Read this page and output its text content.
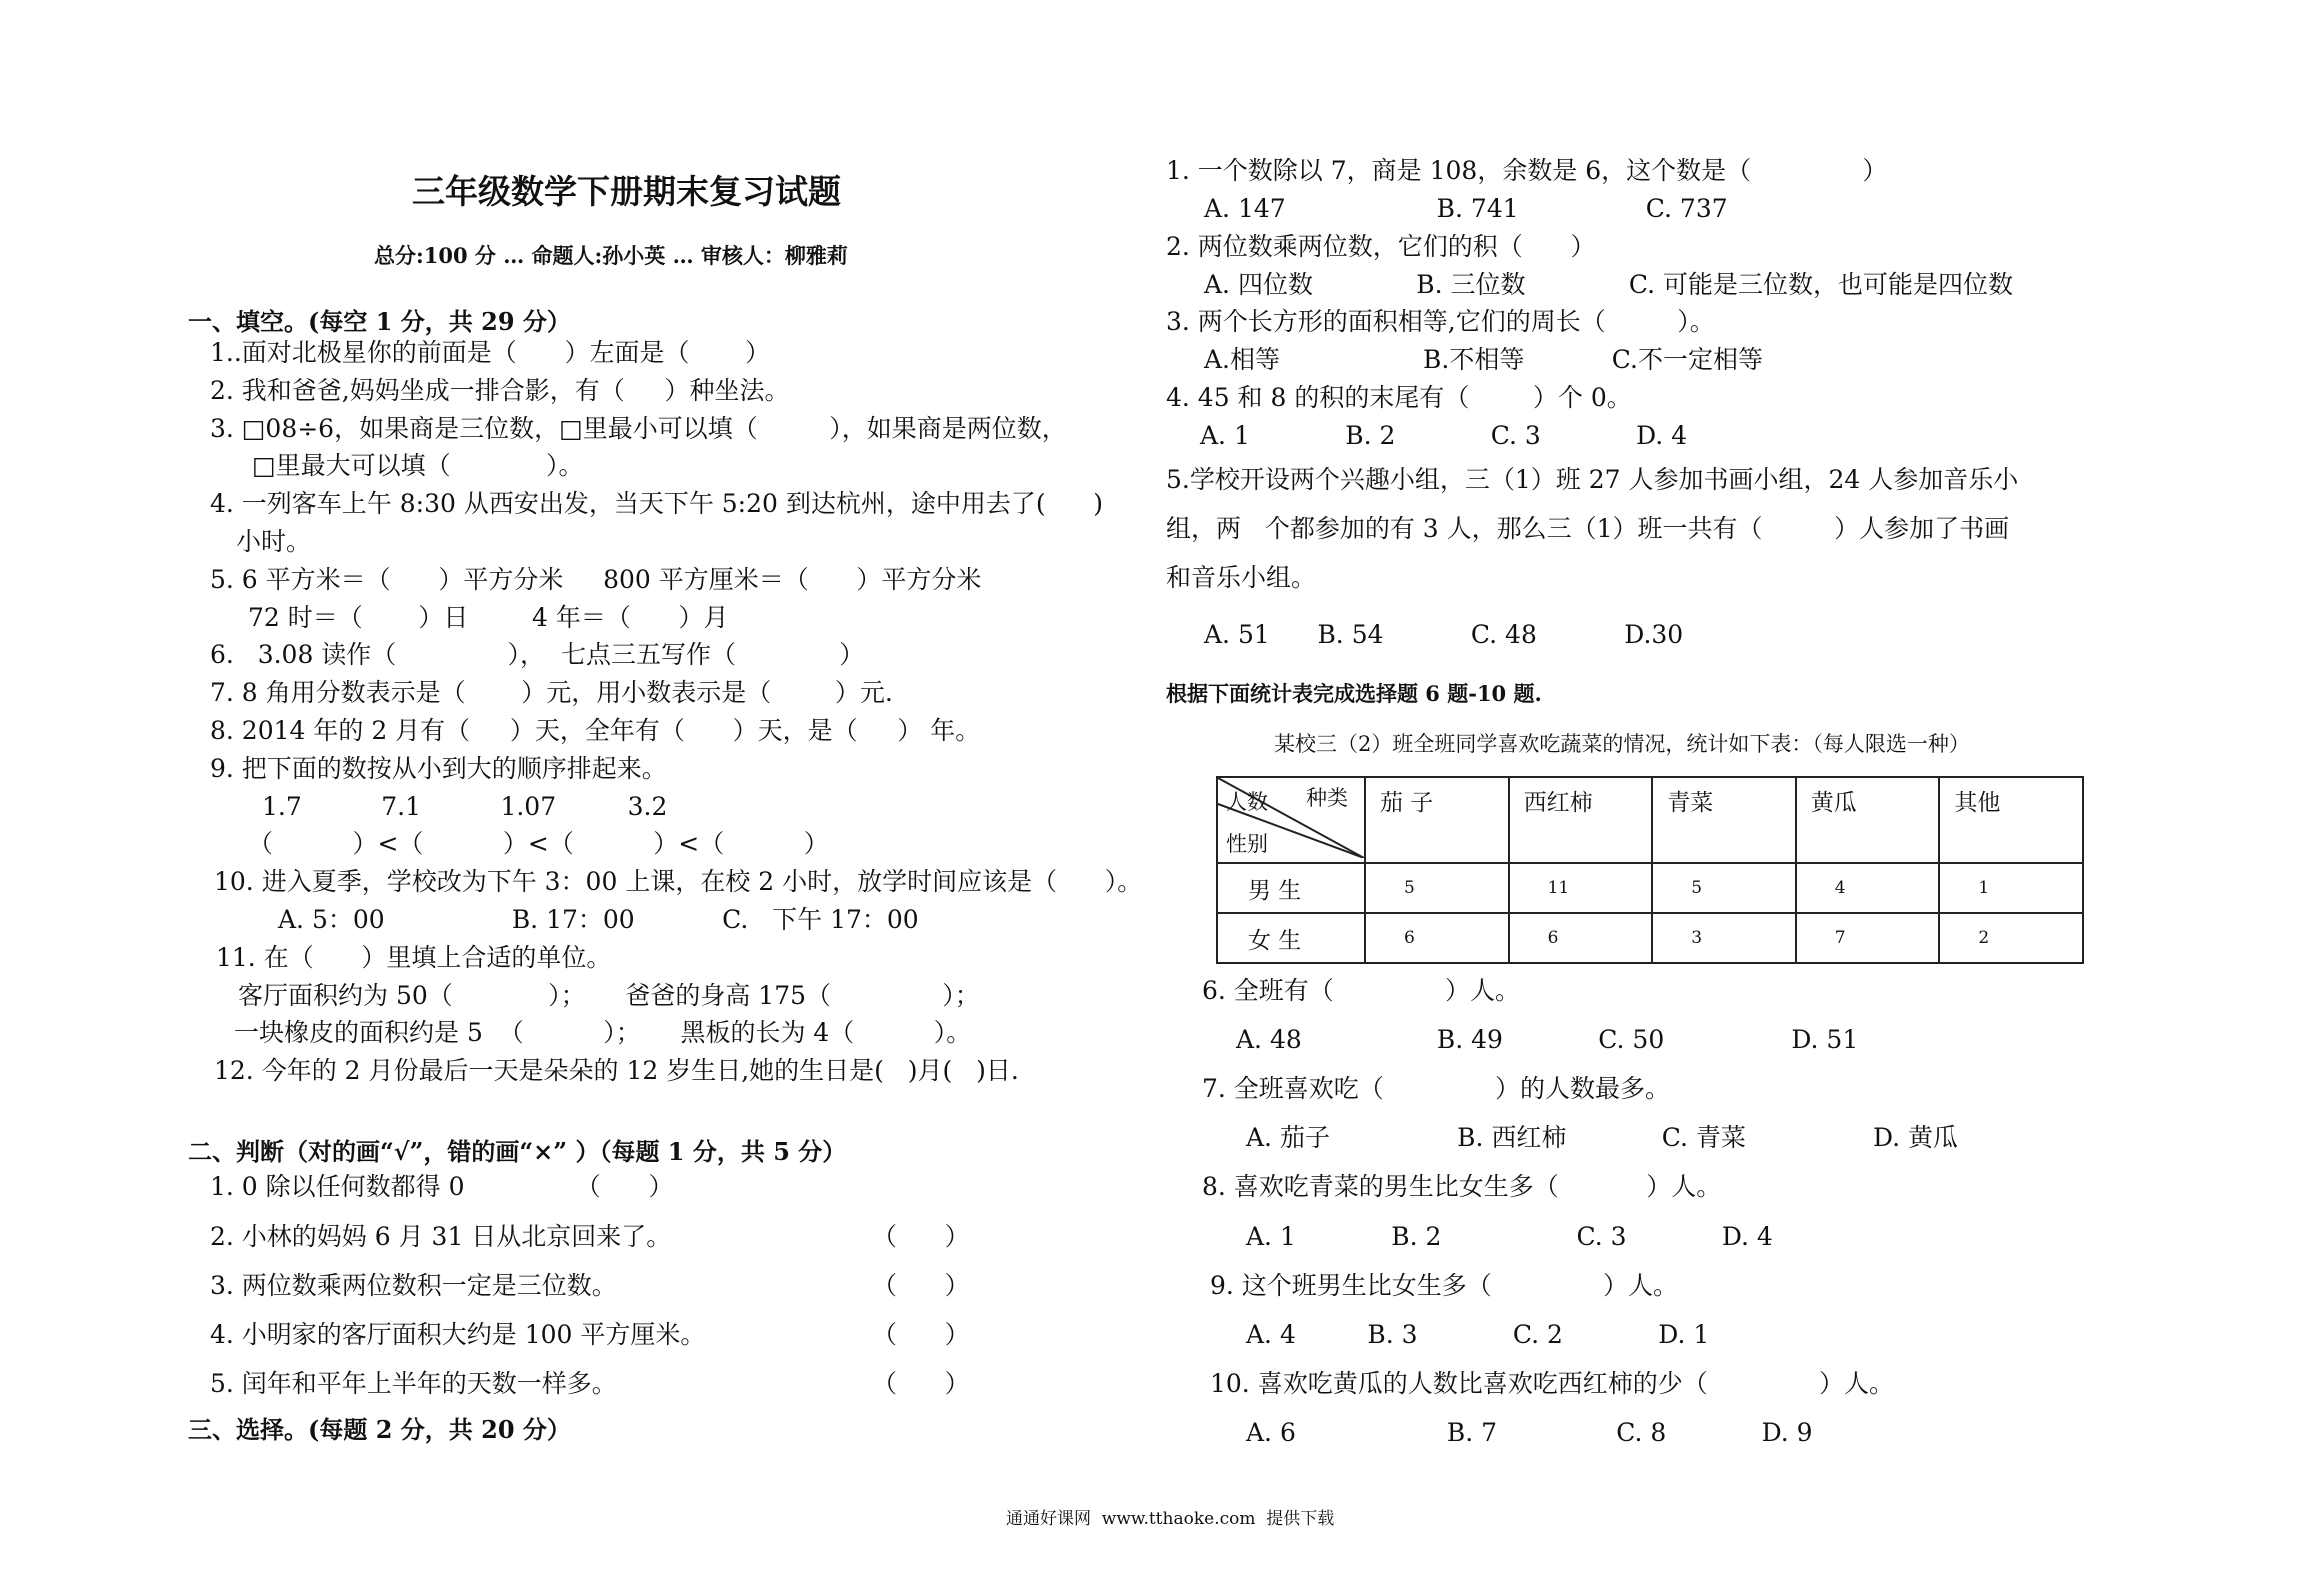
三年级数学下册期末复习试题
总分:100 分 … 命题人:孙小英 … 审核人：柳雅莉
一、填空。(每空 1 分，共 29 分）
1..面对北极星你的前面是（      ）左面是（       ）
2. 我和爸爸,妈妈坐成一排合影，有（     ）种坐法。
3. □08÷6，如果商是三位数，□里最小可以填（         ），如果商是两位数，
□里最大可以填（            ）。
4. 一列客车上午 8:30 从西安出发，当天下午 5:20 到达杭州，途中用去了(      )
小时。
5. 6 平方米＝（      ）平方分米     800 平方厘米＝（      ）平方分米
72 时＝（       ）日        4 年＝（      ）月
6.   3.08 读作（              ），  七点三五写作（             ）
7. 8 角用分数表示是（       ）元，用小数表示是（        ）元.
8. 2014 年的 2 月有（     ）天，全年有（      ）天，是（     ） 年。
9. 把下面的数按从小到大的顺序排起来。
1.7          7.1          1.07         3.2
（          ）<（          ）<（          ）<（          ）
10. 进入夏季，学校改为下午 3：00 上课，在校 2 小时，放学时间应该是（      ）。
A. 5：00                B. 17：00           C.   下午 17：00
11. 在（      ）里填上合适的单位。
客厅面积约为 50（            ）；     爸爸的身高 175（              ）；
一块橡皮的面积约是 5  （          ）；     黑板的长为 4（          ）。
12. 今年的 2 月份最后一天是朵朵的 12 岁生日,她的生日是(   )月(   )日.
二、判断（对的画“√”，错的画“×” ）（每题 1 分，共 5 分）
1. 0 除以任何数都得 0              （      ）
2. 小林的妈妈 6 月 31 日从北京回来了。	（      ）
3. 两位数乘两位数积一定是三位数。	（      ）
4. 小明家的客厅面积大约是 100 平方厘米。	（      ）
5. 闰年和平年上半年的天数一样多。	（      ）
三、选择。(每题 2 分，共 20 分）
1. 一个数除以 7，商是 108，余数是 6，这个数是（              ）
A. 147                   B. 741                C. 737
2. 两位数乘两位数，它们的积（      ）
A. 四位数             B. 三位数             C. 可能是三位数，也可能是四位数
3. 两个长方形的面积相等,它们的周长（         ）。
A.相等                  B.不相等           C.不一定相等
4. 45 和 8 的积的末尾有（        ）个 0。
A. 1            B. 2            C. 3            D. 4
5.学校开设两个兴趣小组，三（1）班 27 人参加书画小组，24 人参加音乐小
组，两   个都参加的有 3 人，那么三（1）班一共有（         ）人参加了书画
和音乐小组。
A. 51      B. 54           C. 48           D.30
根据下面统计表完成选择题 6 题-10 题.
某校三（2）班全班同学喜欢吃蔬菜的情况，统计如下表：（每人限选一种）
种类
人数
性别	茄 子	西红柿	青菜	黄瓜	其他
男 生	5	11	5	4	1
女 生	6	6	3	7	2
6. 全班有（              ）人。
A. 48                 B. 49            C. 50                D. 51
7. 全班喜欢吃（              ）的人数最多。
A. 茄子                B. 西红柿            C. 青菜                D. 黄瓜
8. 喜欢吃青菜的男生比女生多（           ）人。
A. 1            B. 2                 C. 3            D. 4
9. 这个班男生比女生多（              ）人。
A. 4         B. 3            C. 2            D. 1
10. 喜欢吃黄瓜的人数比喜欢吃西红柿的少（              ）人。
A. 6                   B. 7               C. 8            D. 9
通通好课网  www.tthaoke.com  提供下载
